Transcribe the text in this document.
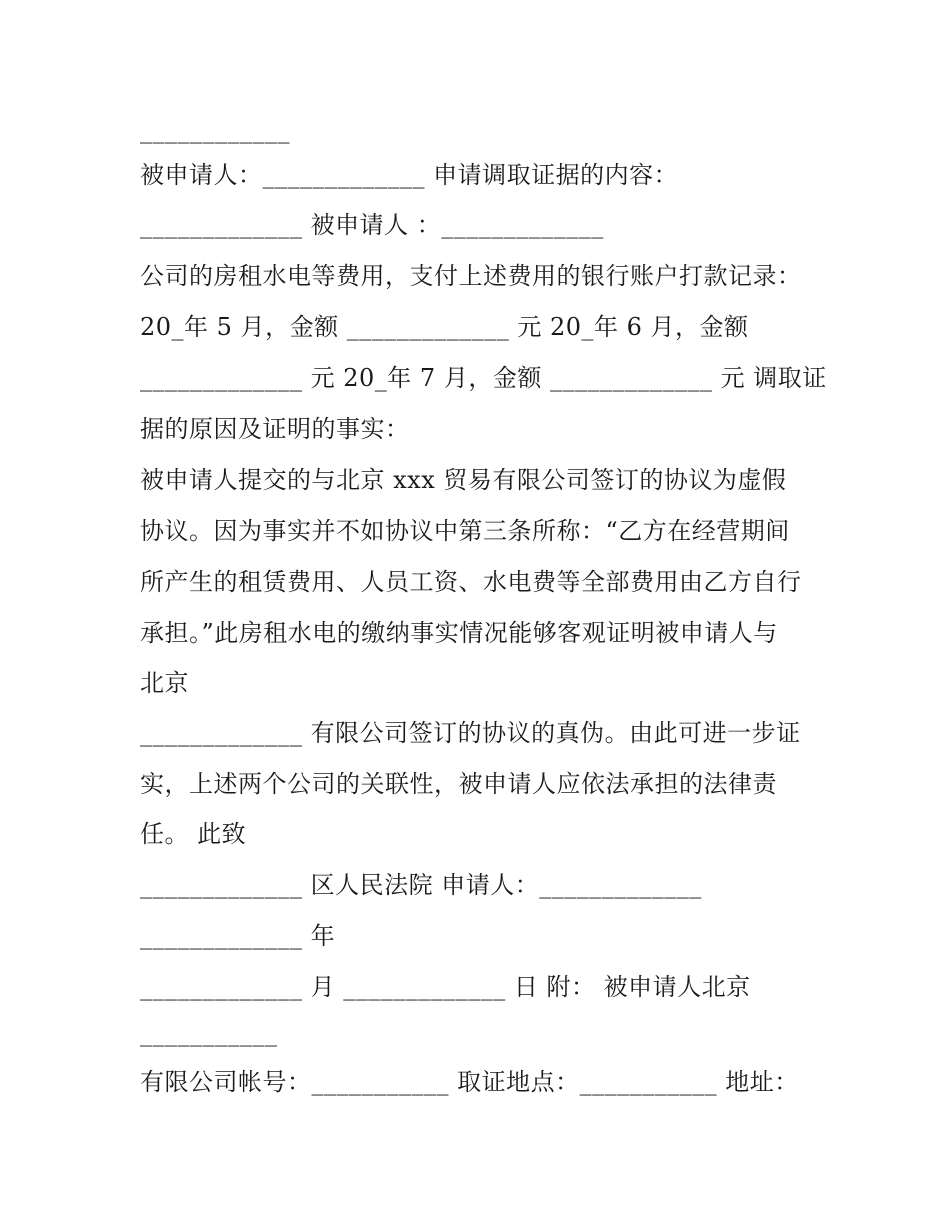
____________

被申请人：_____________ 申请调取证据的内容：

_____________ 被申请人 ：_____________

公司的房租水电等费用，支付上述费用的银行账户打款记录：

20_年 5 月，金额 _____________ 元 20_年 6 月，金额

_____________ 元 20_年 7 月，金额 _____________ 元 调取证

据的原因及证明的事实：

被申请人提交的与北京 xxx 贸易有限公司签订的协议为虚假

协议。因为事实并不如协议中第三条所称：“乙方在经营期间

所产生的租赁费用、人员工资、水电费等全部费用由乙方自行

承担。”此房租水电的缴纳事实情况能够客观证明被申请人与

北京

_____________ 有限公司签订的协议的真伪。由此可进一步证

实，上述两个公司的关联性，被申请人应依法承担的法律责

任。 此致

_____________ 区人民法院 申请人：_____________

_____________ 年

_____________ 月 _____________ 日 附： 被申请人北京

___________

有限公司帐号：___________ 取证地点：___________ 地址：
